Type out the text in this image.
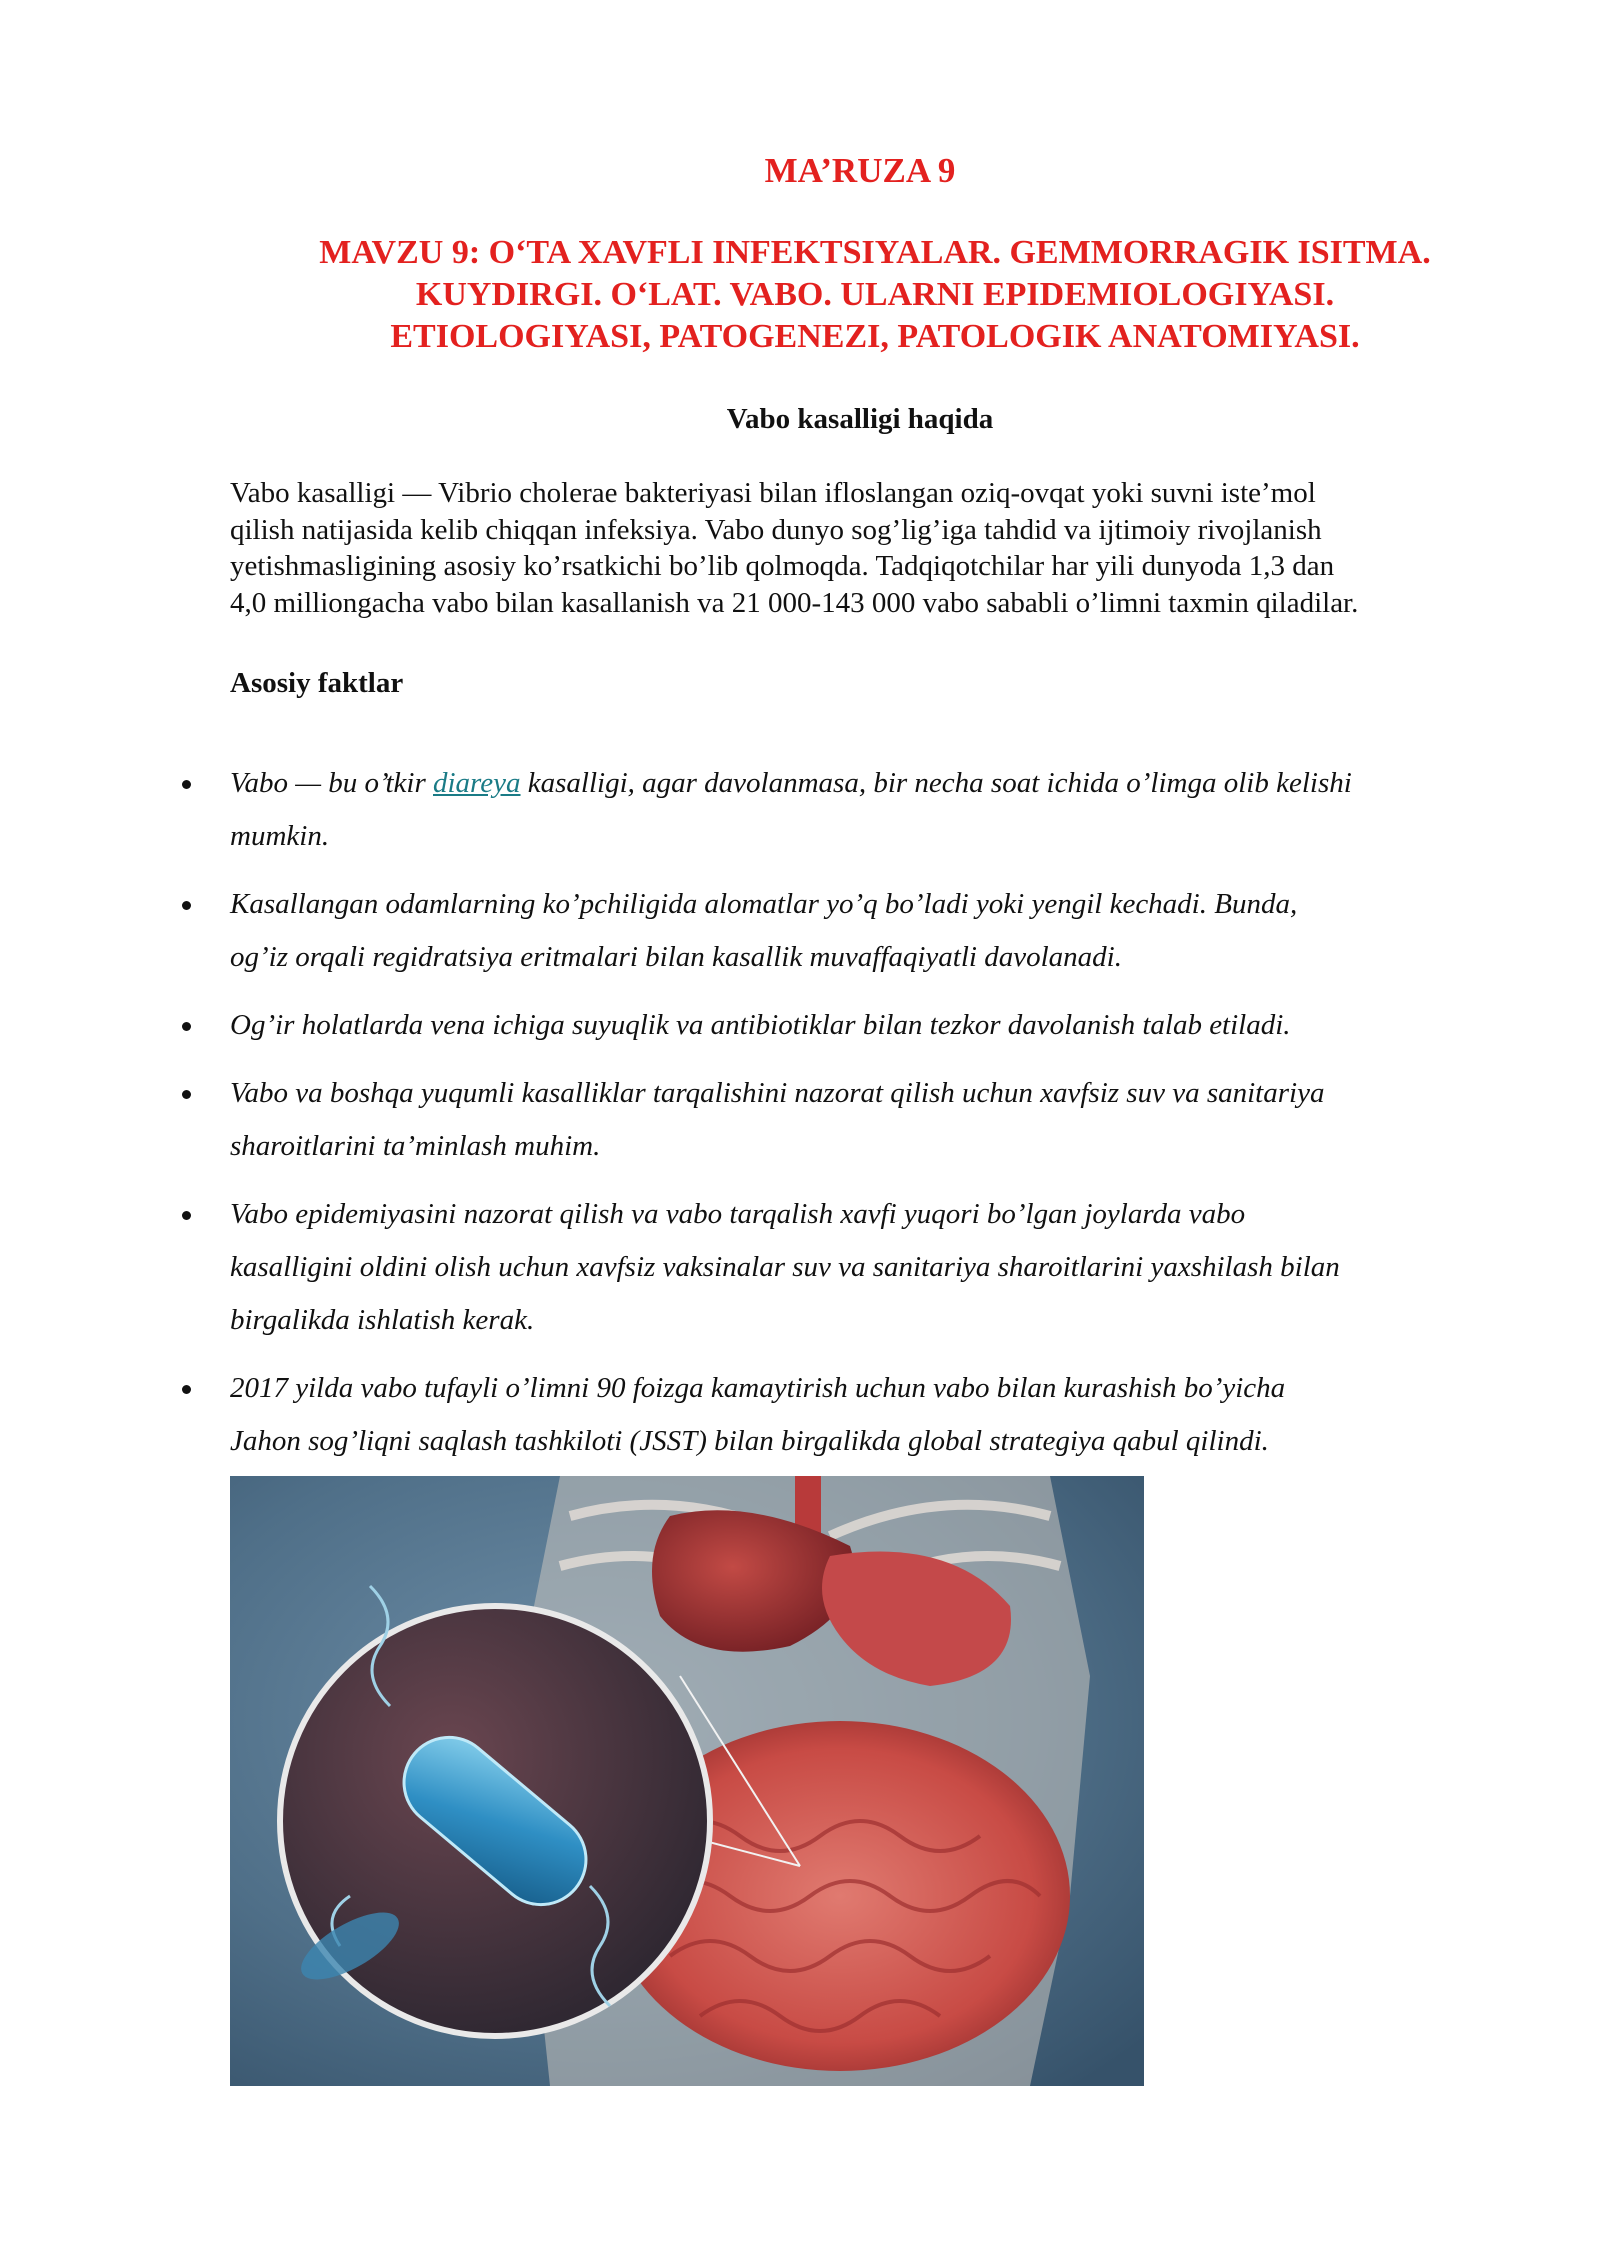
MA’RUZA 9
MAVZU 9: O‘TA XAVFLI INFEKTSIYALAR. GEMMORRAGIK ISITMA.
KUYDIRGI. O‘LAT. VABO. ULARNI EPIDEMIOLOGIYASI.
ETIOLOGIYASI, PATOGENEZI, PATOLOGIK ANATOMIYASI.
Vabo kasalligi haqida
Vabo kasalligi — Vibrio cholerae bakteriyasi bilan ifloslangan oziq-ovqat yoki suvni iste’mol
qilish natijasida kelib chiqqan infeksiya. Vabo dunyo sog’lig’iga tahdid va ijtimoiy rivojlanish
yetishmasligining asosiy ko’rsatkichi bo’lib qolmoqda. Tadqiqotchilar har yili dunyoda 1,3 dan
4,0 milliongacha vabo bilan kasallanish va 21 000-143 000 vabo sababli o’limni taxmin qiladilar.
Asosiy faktlar
Vabo — bu o’tkir diareya kasalligi, agar davolanmasa, bir necha soat ichida o’limga olib kelishi
mumkin.
Kasallangan odamlarning ko’pchiligida alomatlar yo’q bo’ladi yoki yengil kechadi. Bunda,
og’iz orqali regidratsiya eritmalari bilan kasallik muvaffaqiyatli davolanadi.
Og’ir holatlarda vena ichiga suyuqlik va antibiotiklar bilan tezkor davolanish talab etiladi.
Vabo va boshqa yuqumli kasalliklar tarqalishini nazorat qilish uchun xavfsiz suv va sanitariya
sharoitlarini ta’minlash muhim.
Vabo epidemiyasini nazorat qilish va vabo tarqalish xavfi yuqori bo’lgan joylarda vabo
kasalligini oldini olish uchun xavfsiz vaksinalar suv va sanitariya sharoitlarini yaxshilash bilan
birgalikda ishlatish kerak.
2017 yilda vabo tufayli o’limni 90 foizga kamaytirish uchun vabo bilan kurashish bo’yicha
Jahon sog’liqni saqlash tashkiloti (JSST) bilan birgalikda global strategiya qabul qilindi.
